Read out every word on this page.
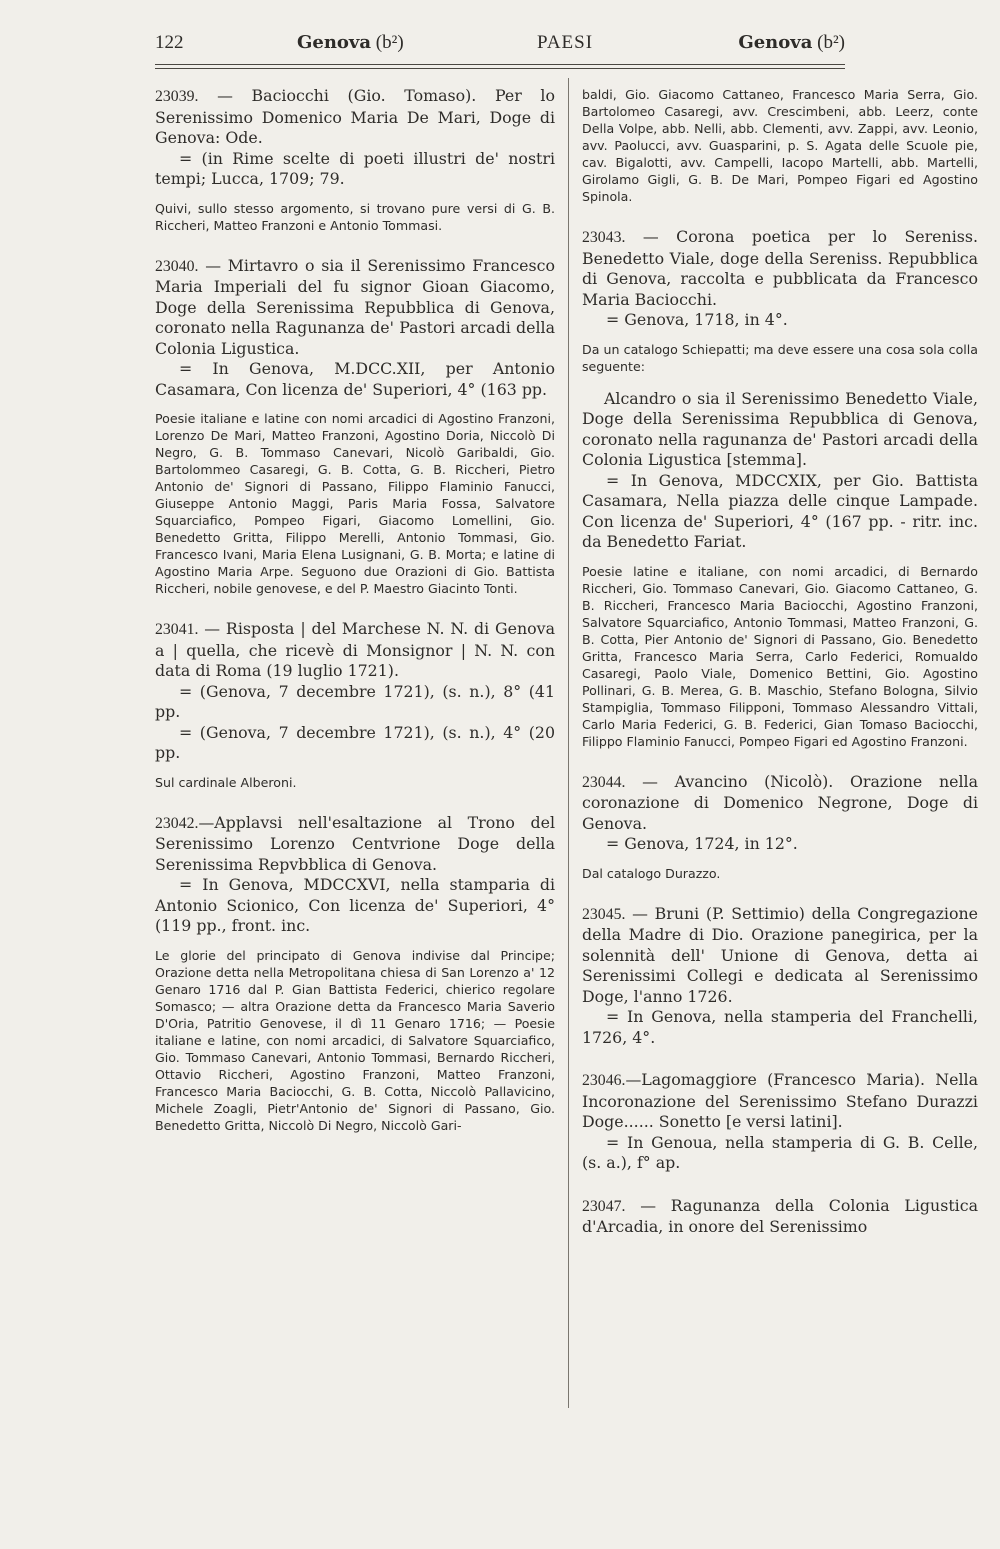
122	Genova (b²)	PAESI	Genova (b²)

23039. — Baciocchi (Gio. Tomaso). Per lo Serenissimo Domenico Maria De Mari, Doge di Genova: Ode.

= (in Rime scelte di poeti illustri de' nostri tempi; Lucca, 1709; 79.

Quivi, sullo stesso argomento, si trovano pure versi di G. B. Riccheri, Matteo Franzoni e Antonio Tommasi.

23040. — Mirtavro o sia il Serenissimo Francesco Maria Imperiali del fu signor Gioan Giacomo, Doge della Serenissima Repubblica di Genova, coronato nella Ragunanza de' Pastori arcadi della Colonia Ligustica.

= In Genova, M.DCC.XII, per Antonio Casamara, Con licenza de' Superiori, 4° (163 pp.

Poesie italiane e latine con nomi arcadici di Agostino Franzoni, Lorenzo De Mari, Matteo Franzoni, Agostino Doria, Niccolò Di Negro, G. B. Tommaso Canevari, Nicolò Garibaldi, Gio. Bartolommeo Casaregi, G. B. Cotta, G. B. Riccheri, Pietro Antonio de' Signori di Passano, Filippo Flaminio Fanucci, Giuseppe Antonio Maggi, Paris Maria Fossa, Salvatore Squarciafico, Pompeo Figari, Giacomo Lomellini, Gio. Benedetto Gritta, Filippo Merelli, Antonio Tommasi, Gio. Francesco Ivani, Maria Elena Lusignani, G. B. Morta; e latine di Agostino Maria Arpe. Seguono due Orazioni di Gio. Battista Riccheri, nobile genovese, e del P. Maestro Giacinto Tonti.

23041. — Risposta | del Marchese N. N. di Genova a | quella, che ricevè di Monsignor | N. N. con data di Roma (19 luglio 1721).

= (Genova, 7 decembre 1721), (s. n.), 8° (41 pp.

= (Genova, 7 decembre 1721), (s. n.), 4° (20 pp.

Sul cardinale Alberoni.

23042.—Applavsi nell'esaltazione al Trono del Serenissimo Lorenzo Centvrione Doge della Serenissima Repvbblica di Genova.

= In Genova, MDCCXVI, nella stamparia di Antonio Scionico, Con licenza de' Superiori, 4° (119 pp., front. inc.

Le glorie del principato di Genova indivise dal Principe; Orazione detta nella Metropolitana chiesa di San Lorenzo a' 12 Genaro 1716 dal P. Gian Battista Federici, chierico regolare Somasco; — altra Orazione detta da Francesco Maria Saverio D'Oria, Patritio Genovese, il dì 11 Genaro 1716; — Poesie italiane e latine, con nomi arcadici, di Salvatore Squarciafico, Gio. Tommaso Canevari, Antonio Tommasi, Bernardo Riccheri, Ottavio Riccheri, Agostino Franzoni, Matteo Franzoni, Francesco Maria Baciocchi, G. B. Cotta, Niccolò Pallavicino, Michele Zoagli, Pietr'Antonio de' Signori di Passano, Gio. Benedetto Gritta, Niccolò Di Negro, Niccolò Gari-

baldi, Gio. Giacomo Cattaneo, Francesco Maria Serra, Gio. Bartolomeo Casaregi, avv. Crescimbeni, abb. Leerz, conte Della Volpe, abb. Nelli, abb. Clementi, avv. Zappi, avv. Leonio, avv. Paolucci, avv. Guasparini, p. S. Agata delle Scuole pie, cav. Bigalotti, avv. Campelli, Iacopo Martelli, abb. Martelli, Girolamo Gigli, G. B. De Mari, Pompeo Figari ed Agostino Spinola.

23043. — Corona poetica per lo Sereniss. Benedetto Viale, doge della Sereniss. Repubblica di Genova, raccolta e pubblicata da Francesco Maria Baciocchi.

= Genova, 1718, in 4°.

Da un catalogo Schiepatti; ma deve essere una cosa sola colla seguente:

Alcandro o sia il Serenissimo Benedetto Viale, Doge della Serenissima Repubblica di Genova, coronato nella ragunanza de' Pastori arcadi della Colonia Ligustica [stemma].

= In Genova, MDCCXIX, per Gio. Battista Casamara, Nella piazza delle cinque Lampade. Con licenza de' Superiori, 4° (167 pp. - ritr. inc. da Benedetto Fariat.

Poesie latine e italiane, con nomi arcadici, di Bernardo Riccheri, Gio. Tommaso Canevari, Gio. Giacomo Cattaneo, G. B. Riccheri, Francesco Maria Baciocchi, Agostino Franzoni, Salvatore Squarciafico, Antonio Tommasi, Matteo Franzoni, G. B. Cotta, Pier Antonio de' Signori di Passano, Gio. Benedetto Gritta, Francesco Maria Serra, Carlo Federici, Romualdo Casaregi, Paolo Viale, Domenico Bettini, Gio. Agostino Pollinari, G. B. Merea, G. B. Maschio, Stefano Bologna, Silvio Stampiglia, Tommaso Filipponi, Tommaso Alessandro Vittali, Carlo Maria Federici, G. B. Federici, Gian Tomaso Baciocchi, Filippo Flaminio Fanucci, Pompeo Figari ed Agostino Franzoni.

23044. — Avancino (Nicolò). Orazione nella coronazione di Domenico Negrone, Doge di Genova.

= Genova, 1724, in 12°.

Dal catalogo Durazzo.

23045. — Bruni (P. Settimio) della Congregazione della Madre di Dio. Orazione panegirica, per la solennità dell' Unione di Genova, detta ai Serenissimi Collegi e dedicata al Serenissimo Doge, l'anno 1726.

= In Genova, nella stamperia del Franchelli, 1726, 4°.

23046.—Lagomaggiore (Francesco Maria). Nella Incoronazione del Serenissimo Stefano Durazzi Doge...... Sonetto [e versi latini].

= In Genoua, nella stamperia di G. B. Celle, (s. a.), f° ap.

23047. — Ragunanza della Colonia Ligustica d'Arcadia, in onore del Serenissimo
